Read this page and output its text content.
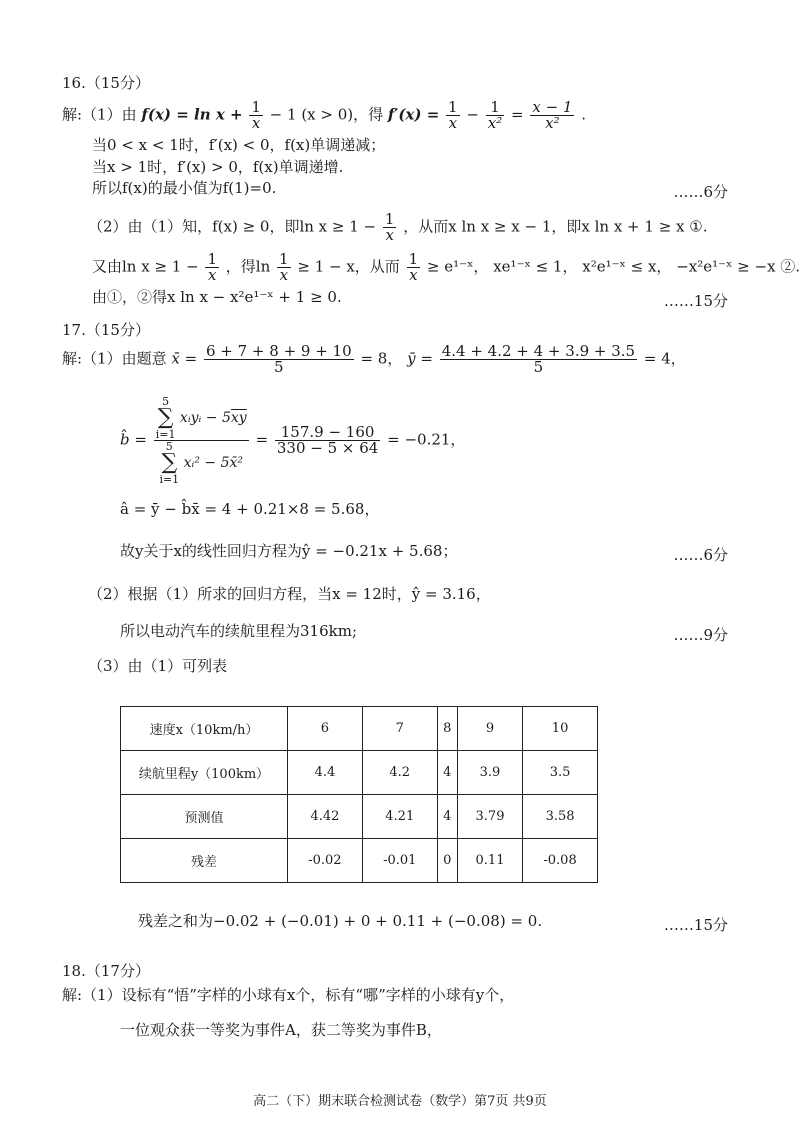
16.（15分）
解:（1）由 $f(x) = \ln x + \frac{1}{x} - 1$ (x > 0)，得 $f'(x) = \frac{1}{x} - \frac{1}{\text{x²}} = \frac{x - 1}{\text{x²}}$ .
当0 < x < 1时，f′(x) < 0，f(x)单调递减；
当x > 1时，f′(x) > 0，f(x)单调递增.
所以f(x)的最小值为f(1)=0.	……6分
（2）由（1）知，f(x) ≥ 0，即$\ln x \ge 1 - \frac{1}{x}$ ，从而x ln x ≥ x − 1，即x ln x + 1 ≥ x ①.
又由$\ln x \ge 1 - \frac{1}{x}$ ，得$\ln \frac{1}{x} \ge 1 - x$，从而 $\frac{1}{x}$ ≥ e¹⁻ˣ， xe¹⁻ˣ ≤ 1， x²e¹⁻ˣ ≤ x， −x²e¹⁻ˣ ≥ −x ②.
由①，②得x ln x − x²e¹⁻ˣ + 1 ≥ 0.	……15分
17.（15分）
解:（1）由题意 x̄ = $\frac{6 + 7 + 8 + 9 + 10}{5} = 8$， ȳ = $\frac{4.4 + 4.2 + 4 + 3.9 + 3.5}{5} = 4$，
b̂ =
5
∑
i=1 xᵢyᵢ − $5\overline{xy}$
5
∑
i=1 xᵢ² − 5x̄²
= $\frac{157.9 - 160}{330 - 5 \times 64} = -0.21$，
â = ȳ − b̂x̄ = 4 + 0.21×8 = 5.68，
故y关于x的线性回归方程为ŷ = −0.21x + 5.68；	……6分
（2）根据（1）所求的回归方程，当x = 12时，ŷ = 3.16，
所以电动汽车的续航里程为316km;	……9分
（3）由（1）可列表
速度x（10km/h）	6	7	8	9	10
续航里程y（100km）	4.4	4.2	4	3.9	3.5
预测值	4.42	4.21	4	3.79	3.58
残差	-0.02	-0.01	0	0.11	-0.08
残差之和为−0.02 + (−0.01) + 0 + 0.11 + (−0.08) = 0.	……15分
18.（17分）
解:（1）设标有“悟”字样的小球有x个，标有“哪”字样的小球有y个，
一位观众获一等奖为事件A，获二等奖为事件B，
高二（下）期末联合检测试卷（数学）第7页 共9页
